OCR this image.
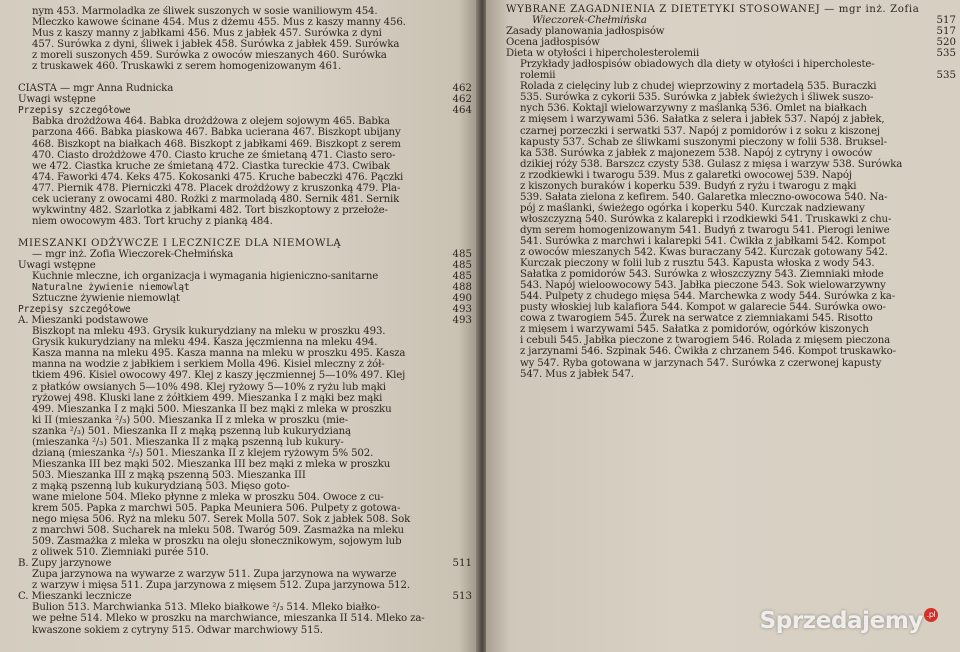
nym 453. Marmoladka ze śliwek suszonych w sosie waniliowym 454.
Mleczko kawowe ścinane 454. Mus z dżemu 455. Mus z kaszy manny 456.
Mus z kaszy manny z jabłkami 456. Mus z jabłek 457. Surówka z dyni
457. Surówka z dyni, śliwek i jabłek 458. Surówka z jabłek 459. Surówka
z moreli suszonych 459. Surówka z owoców mieszanych 460. Surówka
z truskawek 460. Truskawki z serem homogenizowanym 461.
CIASTA — mgr Anna Rudnicka	462
Uwagi wstępne	462
Przepisy szczegółowe	464
Babka drożdżowa 464. Babka drożdżowa z olejem sojowym 465. Babka
parzona 466. Babka piaskowa 467. Babka ucierana 467. Biszkopt ubijany
468. Biszkopt na białkach 468. Biszkopt z jabłkami 469. Biszkopt z serem
470. Ciasto drożdżowe 470. Ciasto kruche ze śmietaną 471. Ciasto sero-
we 472. Ciastka kruche ze śmietaną 472. Ciastka tureckie 473. Cwibak
474. Faworki 474. Keks 475. Kokosanki 475. Kruche babeczki 476. Pączki
477. Piernik 478. Pierniczki 478. Placek drożdżowy z kruszonką 479. Pla-
cek ucierany z owocami 480. Rożki z marmoladą 480. Sernik 481. Sernik
wykwintny 482. Szarlotka z jabłkami 482. Tort biszkoptowy z przełoże-
niem owocowym 483. Tort kruchy z pianką 484.
MIESZANKI ODŻYWCZE I LECZNICZE DLA NIEMOWLĄ
— mgr inż. Zofia Wieczorek-Chełmińska	485
Uwagi wstępne	485
Kuchnie mleczne, ich organizacja i wymagania higieniczno-sanitarne	485
Naturalne żywienie niemowląt	488
Sztuczne żywienie niemowląt	490
Przepisy szczegółowe	493
A. Mieszanki podstawowe	493
Biszkopt na mleku 493. Grysik kukurydziany na mleku w proszku 493.
Grysik kukurydziany na mleku 494. Kasza jęczmienna na mleku 494.
Kasza manna na mleku 495. Kasza manna na mleku w proszku 495. Kasza
manna na wodzie z jabłkiem i serkiem Molla 496. Kisiel mleczny z żół-
tkiem 496. Kisiel owocowy 497. Klej z kaszy jęczmiennej 5—10% 497. Klej
z płatków owsianych 5—10% 498. Klej ryżowy 5—10% z ryżu lub mąki
ryżowej 498. Kluski lane z żółtkiem 499. Mieszanka I z mąki bez mąki
499. Mieszanka I z mąki 500. Mieszanka II bez mąki z mleka w proszku
ki II (mieszanka ²/₃) 500. Mieszanka II z mleka w proszku (mie-
szanka ²/₃) 501. Mieszanka II z mąką pszenną lub kukurydzianą
(mieszanka ²/₃) 501. Mieszanka II z mąką pszenną lub kukury-
dzianą (mieszanka ²/₃) 501. Mieszanka II z klejem ryżowym 5% 502.
Mieszanka III bez mąki 502. Mieszanka III bez mąki z mleka w proszku
503. Mieszanka III z mąką pszenną 503. Mieszanka III
z mąką pszenną lub kukurydzianą 503. Mięso goto-
wane mielone 504. Mleko płynne z mleka w proszku 504. Owoce z cu-
krem 505. Papka z marchwi 505. Papka Meuniera 506. Pulpety z gotowa-
nego mięsa 506. Ryż na mleku 507. Serek Molla 507. Sok z jabłek 508. Sok
z marchwi 508. Sucharek na mleku 508. Twaróg 509. Zasmażka na mleku
509. Zasmażka z mleka w proszku na oleju słonecznikowym, sojowym lub
z oliwek 510. Ziemniaki purée 510.
B. Zupy jarzynowe	511
Zupa jarzynowa na wywarze z warzyw 511. Zupa jarzynowa na wywarze
z warzyw i mięsa 511. Zupa jarzynowa z mięsem 512. Zupa jarzynowa 512.
C. Mieszanki lecznicze	513
Bulion 513. Marchwianka 513. Mleko białkowe ²/₃ 514. Mleko białko-
we pełne 514. Mleko w proszku na marchwiance, mieszanka II 514. Mleko za-
kwaszone sokiem z cytryny 515. Odwar marchwiowy 515.
WYBRANE ZAGADNIENIA Z DIETETYKI STOSOWANEJ — mgr inż. Zofia
Wieczorek-Chełmińska	517
Zasady planowania jadłospisów	517
Ocena jadłospisów	520
Dieta w otyłości i hipercholesterolemii	535
Przykłady jadłospisów obiadowych dla diety w otyłości i hipercholeste-
rolemii	535
Rolada z cielęciny lub z chudej wieprzowiny z mortadelą 535. Buraczki
535. Surówka z cykorii 535. Surówka z jabłek świeżych i śliwek suszo-
nych 536. Koktajl wielowarzywny z maślanką 536. Omlet na białkach
z mięsem i warzywami 536. Sałatka z selera i jabłek 537. Napój z jabłek,
czarnej porzeczki i serwatki 537. Napój z pomidorów i z soku z kiszonej
kapusty 537. Schab ze śliwkami suszonymi pieczony w folii 538. Bruksel-
ka 538. Surówka z jabłek z majonezem 538. Napój z cytryny i owoców
dzikiej róży 538. Barszcz czysty 538. Gulasz z mięsa i warzyw 538. Surówka
z rzodkiewki i twarogu 539. Mus z galaretki owocowej 539. Napój
z kiszonych buraków i koperku 539. Budyń z ryżu i twarogu z mąki
539. Sałata zielona z kefirem. 540. Galaretka mleczno-owocowa 540. Na-
pój z maślanki, świeżego ogórka i koperku 540. Kurczak nadziewany
włoszczyzną 540. Surówka z kalarepki i rzodkiewki 541. Truskawki z chu-
dym serem homogenizowanym 541. Budyń z twarogu 541. Pierogi leniwe
541. Surówka z marchwi i kalarepki 541. Ćwikła z jabłkami 542. Kompot
z owoców mieszanych 542. Kwas buraczany 542. Kurczak gotowany 542.
Kurczak pieczony w folii lub z rusztu 543. Kapusta włoska z wody 543.
Sałatka z pomidorów 543. Surówka z włoszczyzny 543. Ziemniaki młode
543. Napój wieloowocowy 543. Jabłka pieczone 543. Sok wielowarzywny
544. Pulpety z chudego mięsa 544. Marchewka z wody 544. Surówka z ka-
pusty włoskiej lub kalafiora 544. Kompot w galarecie 544. Surówka owo-
cowa z twarogiem 545. Żurek na serwatce z ziemniakami 545. Risotto
z mięsem i warzywami 545. Sałatka z pomidorów, ogórków kiszonych
i cebuli 545. Jabłka pieczone z twarogiem 546. Rolada z mięsem pieczona
z jarzynami 546. Szpinak 546. Ćwikła z chrzanem 546. Kompot truskawko-
wy 547. Ryba gotowana w jarzynach 547. Surówka z czerwonej kapusty
547. Mus z jabłek 547.
Sprzedajemy .pl
